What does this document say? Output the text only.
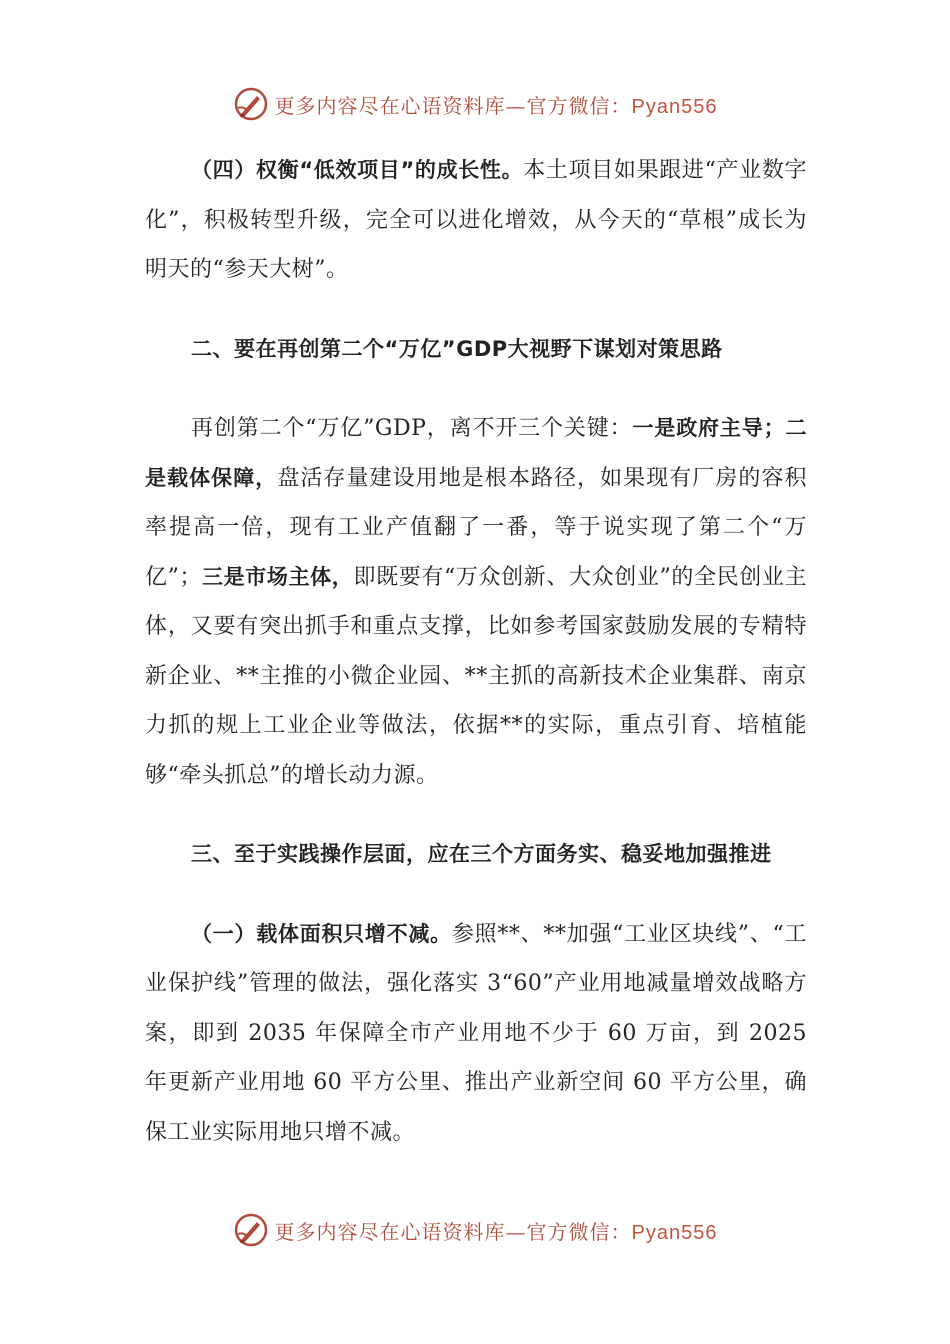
更多内容尽在心语资料库—官方微信：Pyan556

（四）权衡“低效项目”的成长性。本土项目如果跟进“产业数字化”，积极转型升级，完全可以进化增效，从今天的“草根”成长为明天的“参天大树”。

二、要在再创第二个“万亿”GDP大视野下谋划对策思路

再创第二个“万亿”GDP，离不开三个关键：一是政府主导；二是载体保障，盘活存量建设用地是根本路径，如果现有厂房的容积率提高一倍，现有工业产值翻了一番，等于说实现了第二个“万亿”；三是市场主体，即既要有“万众创新、大众创业”的全民创业主体，又要有突出抓手和重点支撑，比如参考国家鼓励发展的专精特新企业、**主推的小微企业园、**主抓的高新技术企业集群、南京力抓的规上工业企业等做法，依据**的实际，重点引育、培植能够“牵头抓总”的增长动力源。

三、至于实践操作层面，应在三个方面务实、稳妥地加强推进

（一）载体面积只增不减。参照**、**加强“工业区块线”、“工业保护线”管理的做法，强化落实 3“60”产业用地减量增效战略方案，即到 2035 年保障全市产业用地不少于 60 万亩，到 2025 年更新产业用地 60 平方公里、推出产业新空间 60 平方公里，确保工业实际用地只增不减。

更多内容尽在心语资料库—官方微信：Pyan556
